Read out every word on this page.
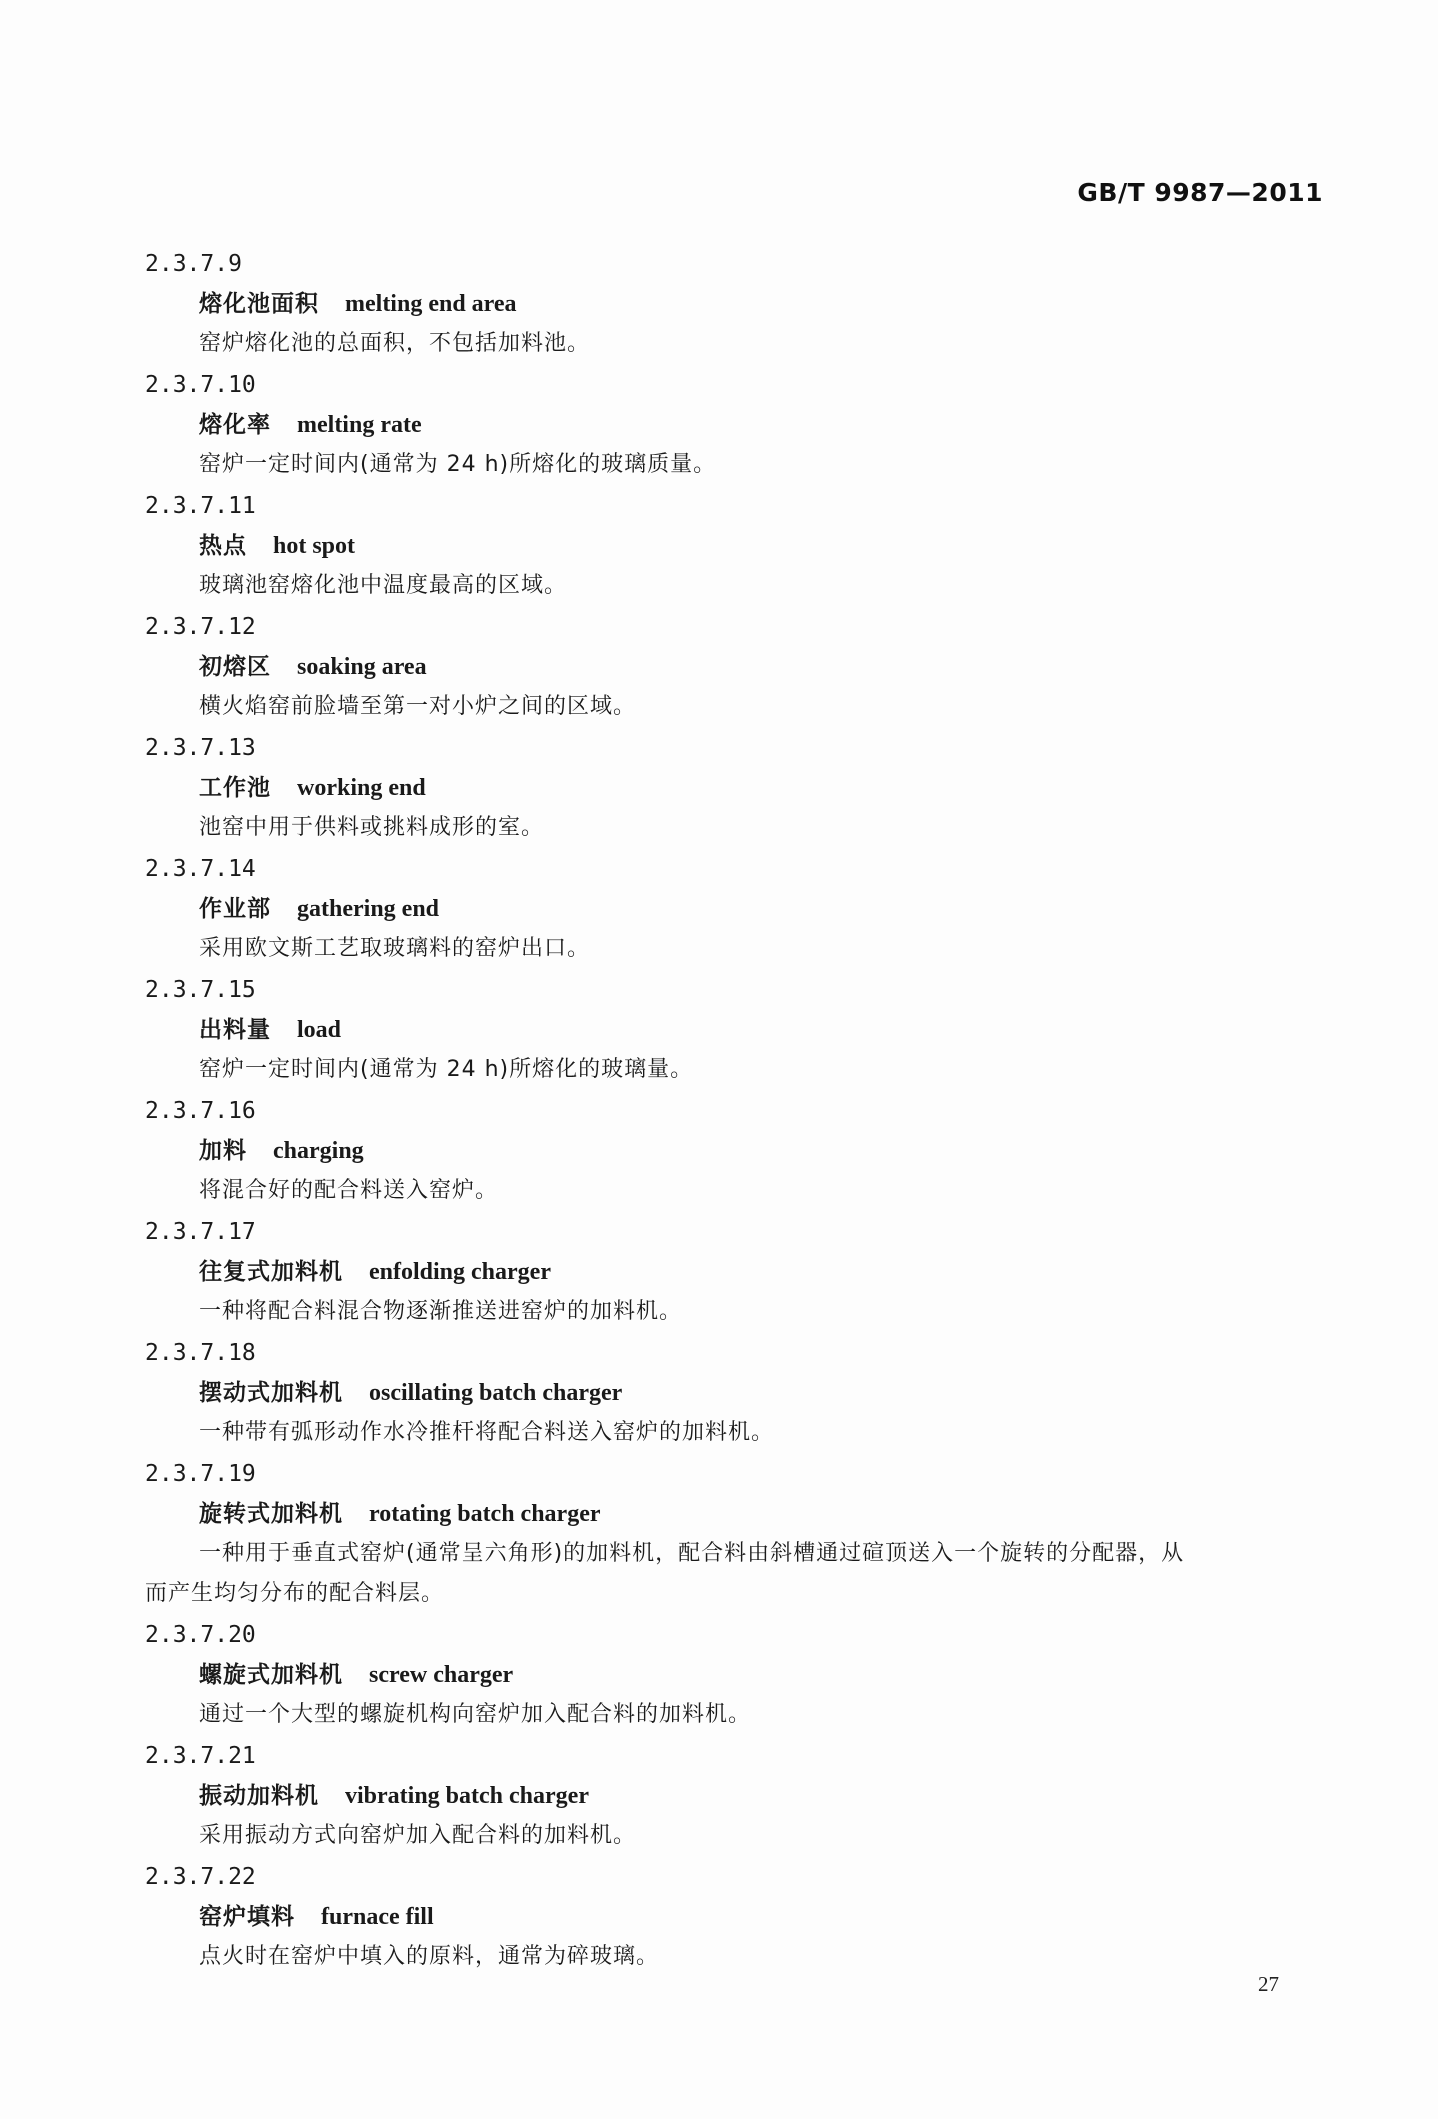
GB/T 9987—2011
2.3.7.9
熔化池面积 melting end area
窑炉熔化池的总面积，不包括加料池。
2.3.7.10
熔化率 melting rate
窑炉一定时间内(通常为 24 h)所熔化的玻璃质量。
2.3.7.11
热点 hot spot
玻璃池窑熔化池中温度最高的区域。
2.3.7.12
初熔区 soaking area
横火焰窑前脸墙至第一对小炉之间的区域。
2.3.7.13
工作池 working end
池窑中用于供料或挑料成形的室。
2.3.7.14
作业部 gathering end
采用欧文斯工艺取玻璃料的窑炉出口。
2.3.7.15
出料量 load
窑炉一定时间内(通常为 24 h)所熔化的玻璃量。
2.3.7.16
加料 charging
将混合好的配合料送入窑炉。
2.3.7.17
往复式加料机 enfolding charger
一种将配合料混合物逐渐推送进窑炉的加料机。
2.3.7.18
摆动式加料机 oscillating batch charger
一种带有弧形动作水冷推杆将配合料送入窑炉的加料机。
2.3.7.19
旋转式加料机 rotating batch charger
一种用于垂直式窑炉(通常呈六角形)的加料机，配合料由斜槽通过碹顶送入一个旋转的分配器，从
而产生均匀分布的配合料层。
2.3.7.20
螺旋式加料机 screw charger
通过一个大型的螺旋机构向窑炉加入配合料的加料机。
2.3.7.21
振动加料机 vibrating batch charger
采用振动方式向窑炉加入配合料的加料机。
2.3.7.22
窑炉填料 furnace fill
点火时在窑炉中填入的原料，通常为碎玻璃。
27
